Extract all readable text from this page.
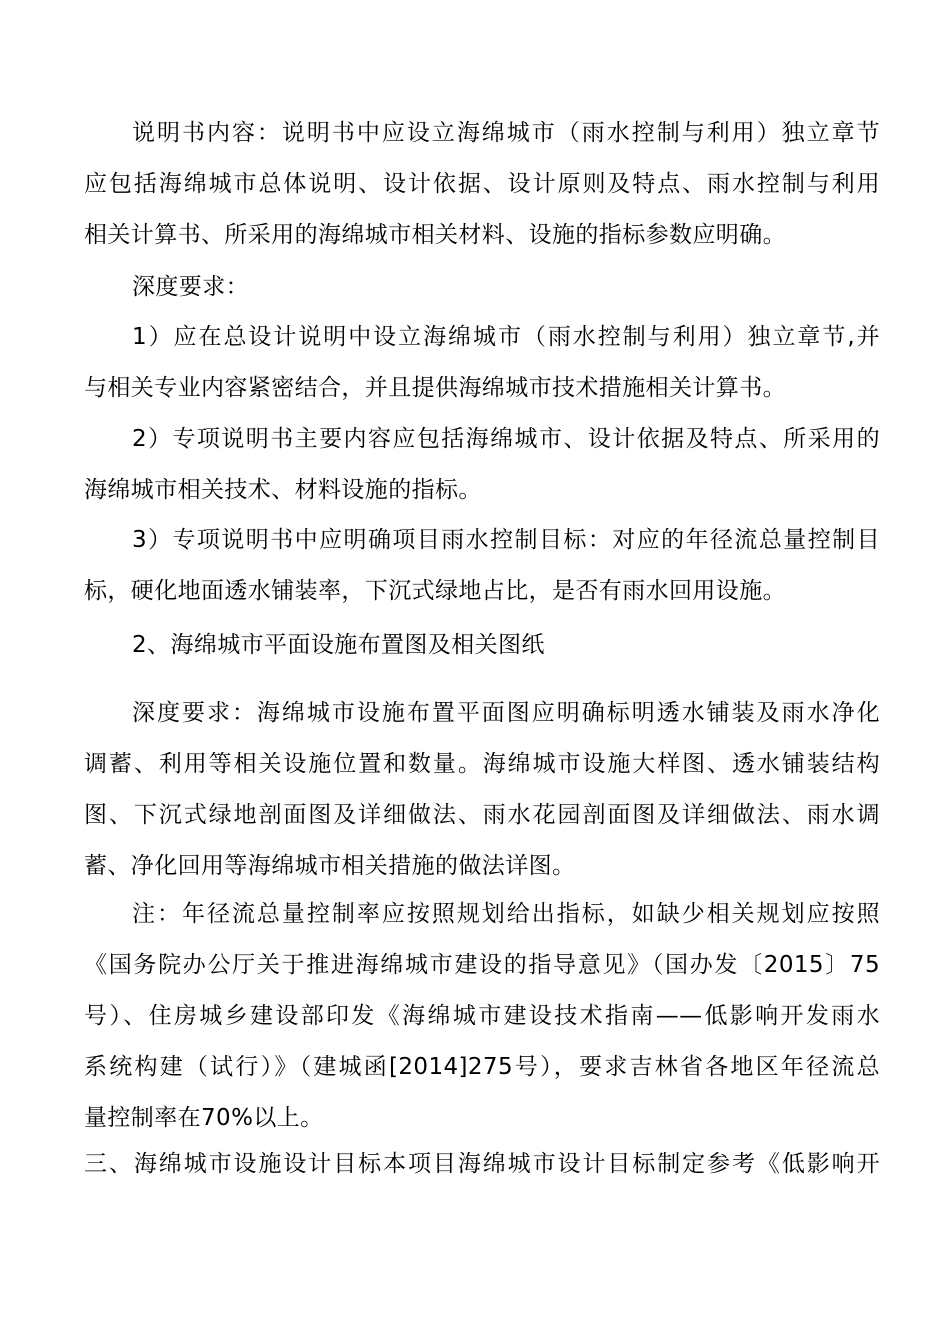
说明书内容：说明书中应设立海绵城市（雨水控制与利用）独立章节
应包括海绵城市总体说明、设计依据、设计原则及特点、雨水控制与利用
相关计算书、所采用的海绵城市相关材料、设施的指标参数应明确。
深度要求：
1）应在总设计说明中设立海绵城市（雨水控制与利用）独立章节,并
与相关专业内容紧密结合，并且提供海绵城市技术措施相关计算书。
2）专项说明书主要内容应包括海绵城市、设计依据及特点、所采用的
海绵城市相关技术、材料设施的指标。
3）专项说明书中应明确项目雨水控制目标：对应的年径流总量控制目
标，硬化地面透水铺装率，下沉式绿地占比，是否有雨水回用设施。
2、海绵城市平面设施布置图及相关图纸
深度要求：海绵城市设施布置平面图应明确标明透水铺装及雨水净化
调蓄、利用等相关设施位置和数量。海绵城市设施大样图、透水铺装结构
图、下沉式绿地剖面图及详细做法、雨水花园剖面图及详细做法、雨水调
蓄、净化回用等海绵城市相关措施的做法详图。
注：年径流总量控制率应按照规划给出指标，如缺少相关规划应按照
《国务院办公厅关于推进海绵城市建设的指导意见》（国办发〔2015〕75
号）、住房城乡建设部印发《海绵城市建设技术指南——低影响开发雨水
系统构建（试行）》（建城函[2014]275号），要求吉林省各地区年径流总
量控制率在70%以上。
三、海绵城市设施设计目标本项目海绵城市设计目标制定参考《低影响开
